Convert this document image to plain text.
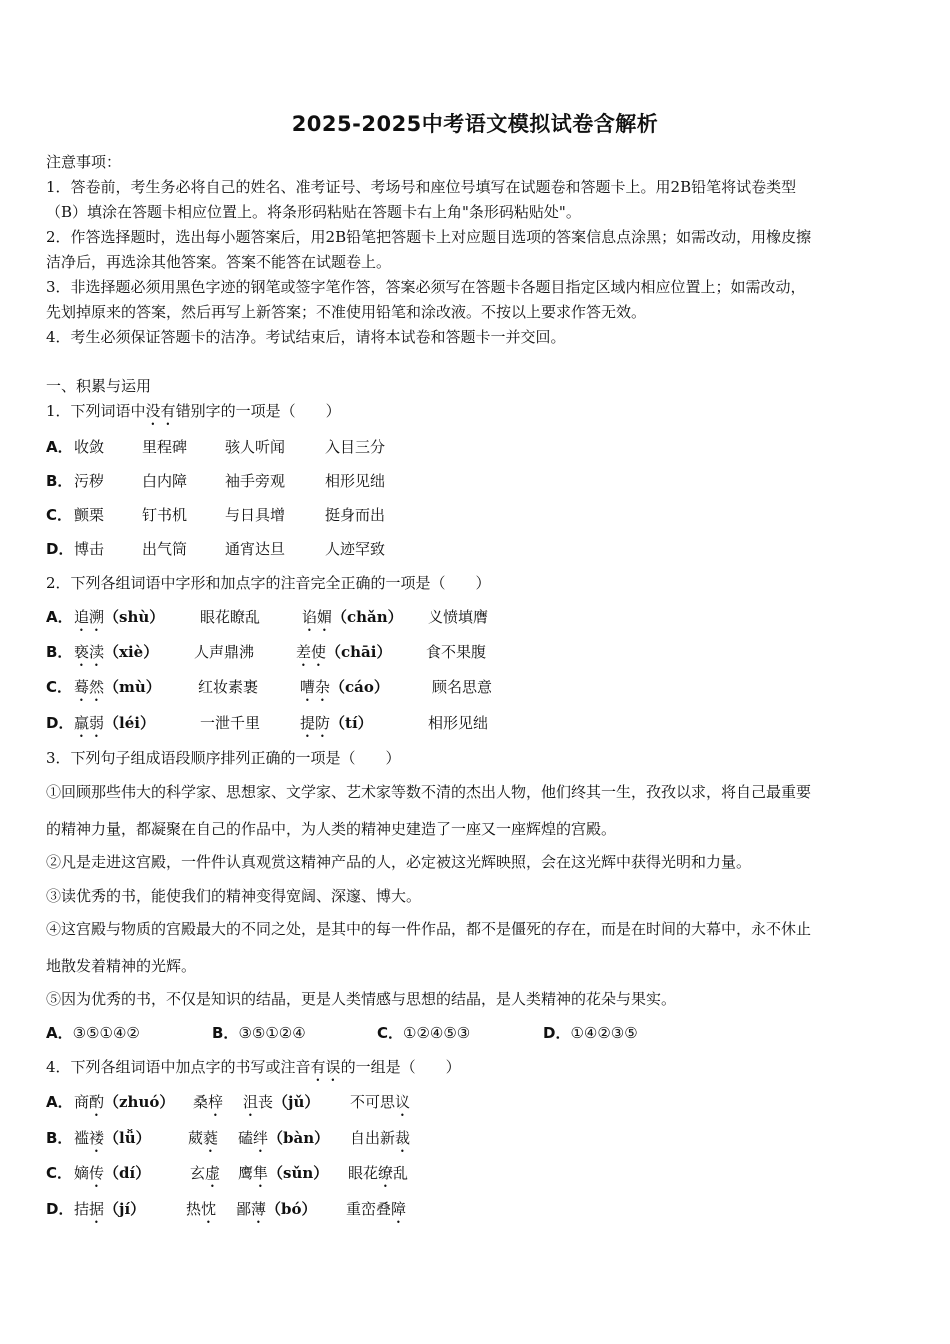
2025-2025中考语文模拟试卷含解析
注意事项：
1．答卷前，考生务必将自己的姓名、准考证号、考场号和座位号填写在试题卷和答题卡上。用2B铅笔将试卷类型
（B）填涂在答题卡相应位置上。将条形码粘贴在答题卡右上角"条形码粘贴处"。
2．作答选择题时，选出每小题答案后，用2B铅笔把答题卡上对应题目选项的答案信息点涂黑；如需改动，用橡皮擦
洁净后，再选涂其他答案。答案不能答在试题卷上。
3．非选择题必须用黑色字迹的钢笔或签字笔作答，答案必须写在答题卡各题目指定区域内相应位置上；如需改动，
先划掉原来的答案，然后再写上新答案；不准使用铅笔和涂改液。不按以上要求作答无效。
4．考生必须保证答题卡的洁净。考试结束后，请将本试卷和答题卡一并交回。
一、积累与运用
1．下列词语中没有错别字的一项是（　　）
A． 收敛	里程碑	骇人听闻	入目三分
B． 污秽	白内障	袖手旁观	相形见绌
C． 颤栗	钉书机	与日具增	挺身而出
D． 博击	出气筒	通宵达旦	人迹罕致
2．下列各组词语中字形和加点字的注音完全正确的一项是（　　）
A． 追溯（shù） 眼花瞭乱	谄媚（chǎn） 义愤填膺
B． 亵渎（xiè） 人声鼎沸	差使（chāi） 食不果腹
C． 蓦然（mù） 红妆素裹	嘈杂（cáo）	顾名思意
D． 羸弱（léi）	一泄千里	提防（tí）	相形见绌
3．下列句子组成语段顺序排列正确的一项是（　　）
①回顾那些伟大的科学家、思想家、文学家、艺术家等数不清的杰出人物，他们终其一生，孜孜以求，将自己最重要
的精神力量，都凝聚在自己的作品中，为人类的精神史建造了一座又一座辉煌的宫殿。
②凡是走进这宫殿，一件件认真观赏这精神产品的人，必定被这光辉映照，会在这光辉中获得光明和力量。
③读优秀的书，能使我们的精神变得宽阔、深邃、博大。
④这宫殿与物质的宫殿最大的不同之处，是其中的每一件作品，都不是僵死的存在，而是在时间的大幕中，永不休止
地散发着精神的光辉。
⑤因为优秀的书，不仅是知识的结晶，更是人类情感与思想的结晶，是人类精神的花朵与果实。
A．③⑤①④②	B．③⑤①②④	C．①②④⑤③	D．①④②③⑤
4．下列各组词语中加点字的书写或注音有误的一组是（　　）
A． 商酌（zhuó） 桑梓 沮丧（jǔ） 不可思议
B． 褴褛（lǚ） 葳蕤 磕绊（bàn） 自出新裁
C． 嫡传（dí）	玄虚 鹰隼（sǔn） 眼花缭乱
D． 拮据（jí）	热忱 鄙薄（bó） 重峦叠障
